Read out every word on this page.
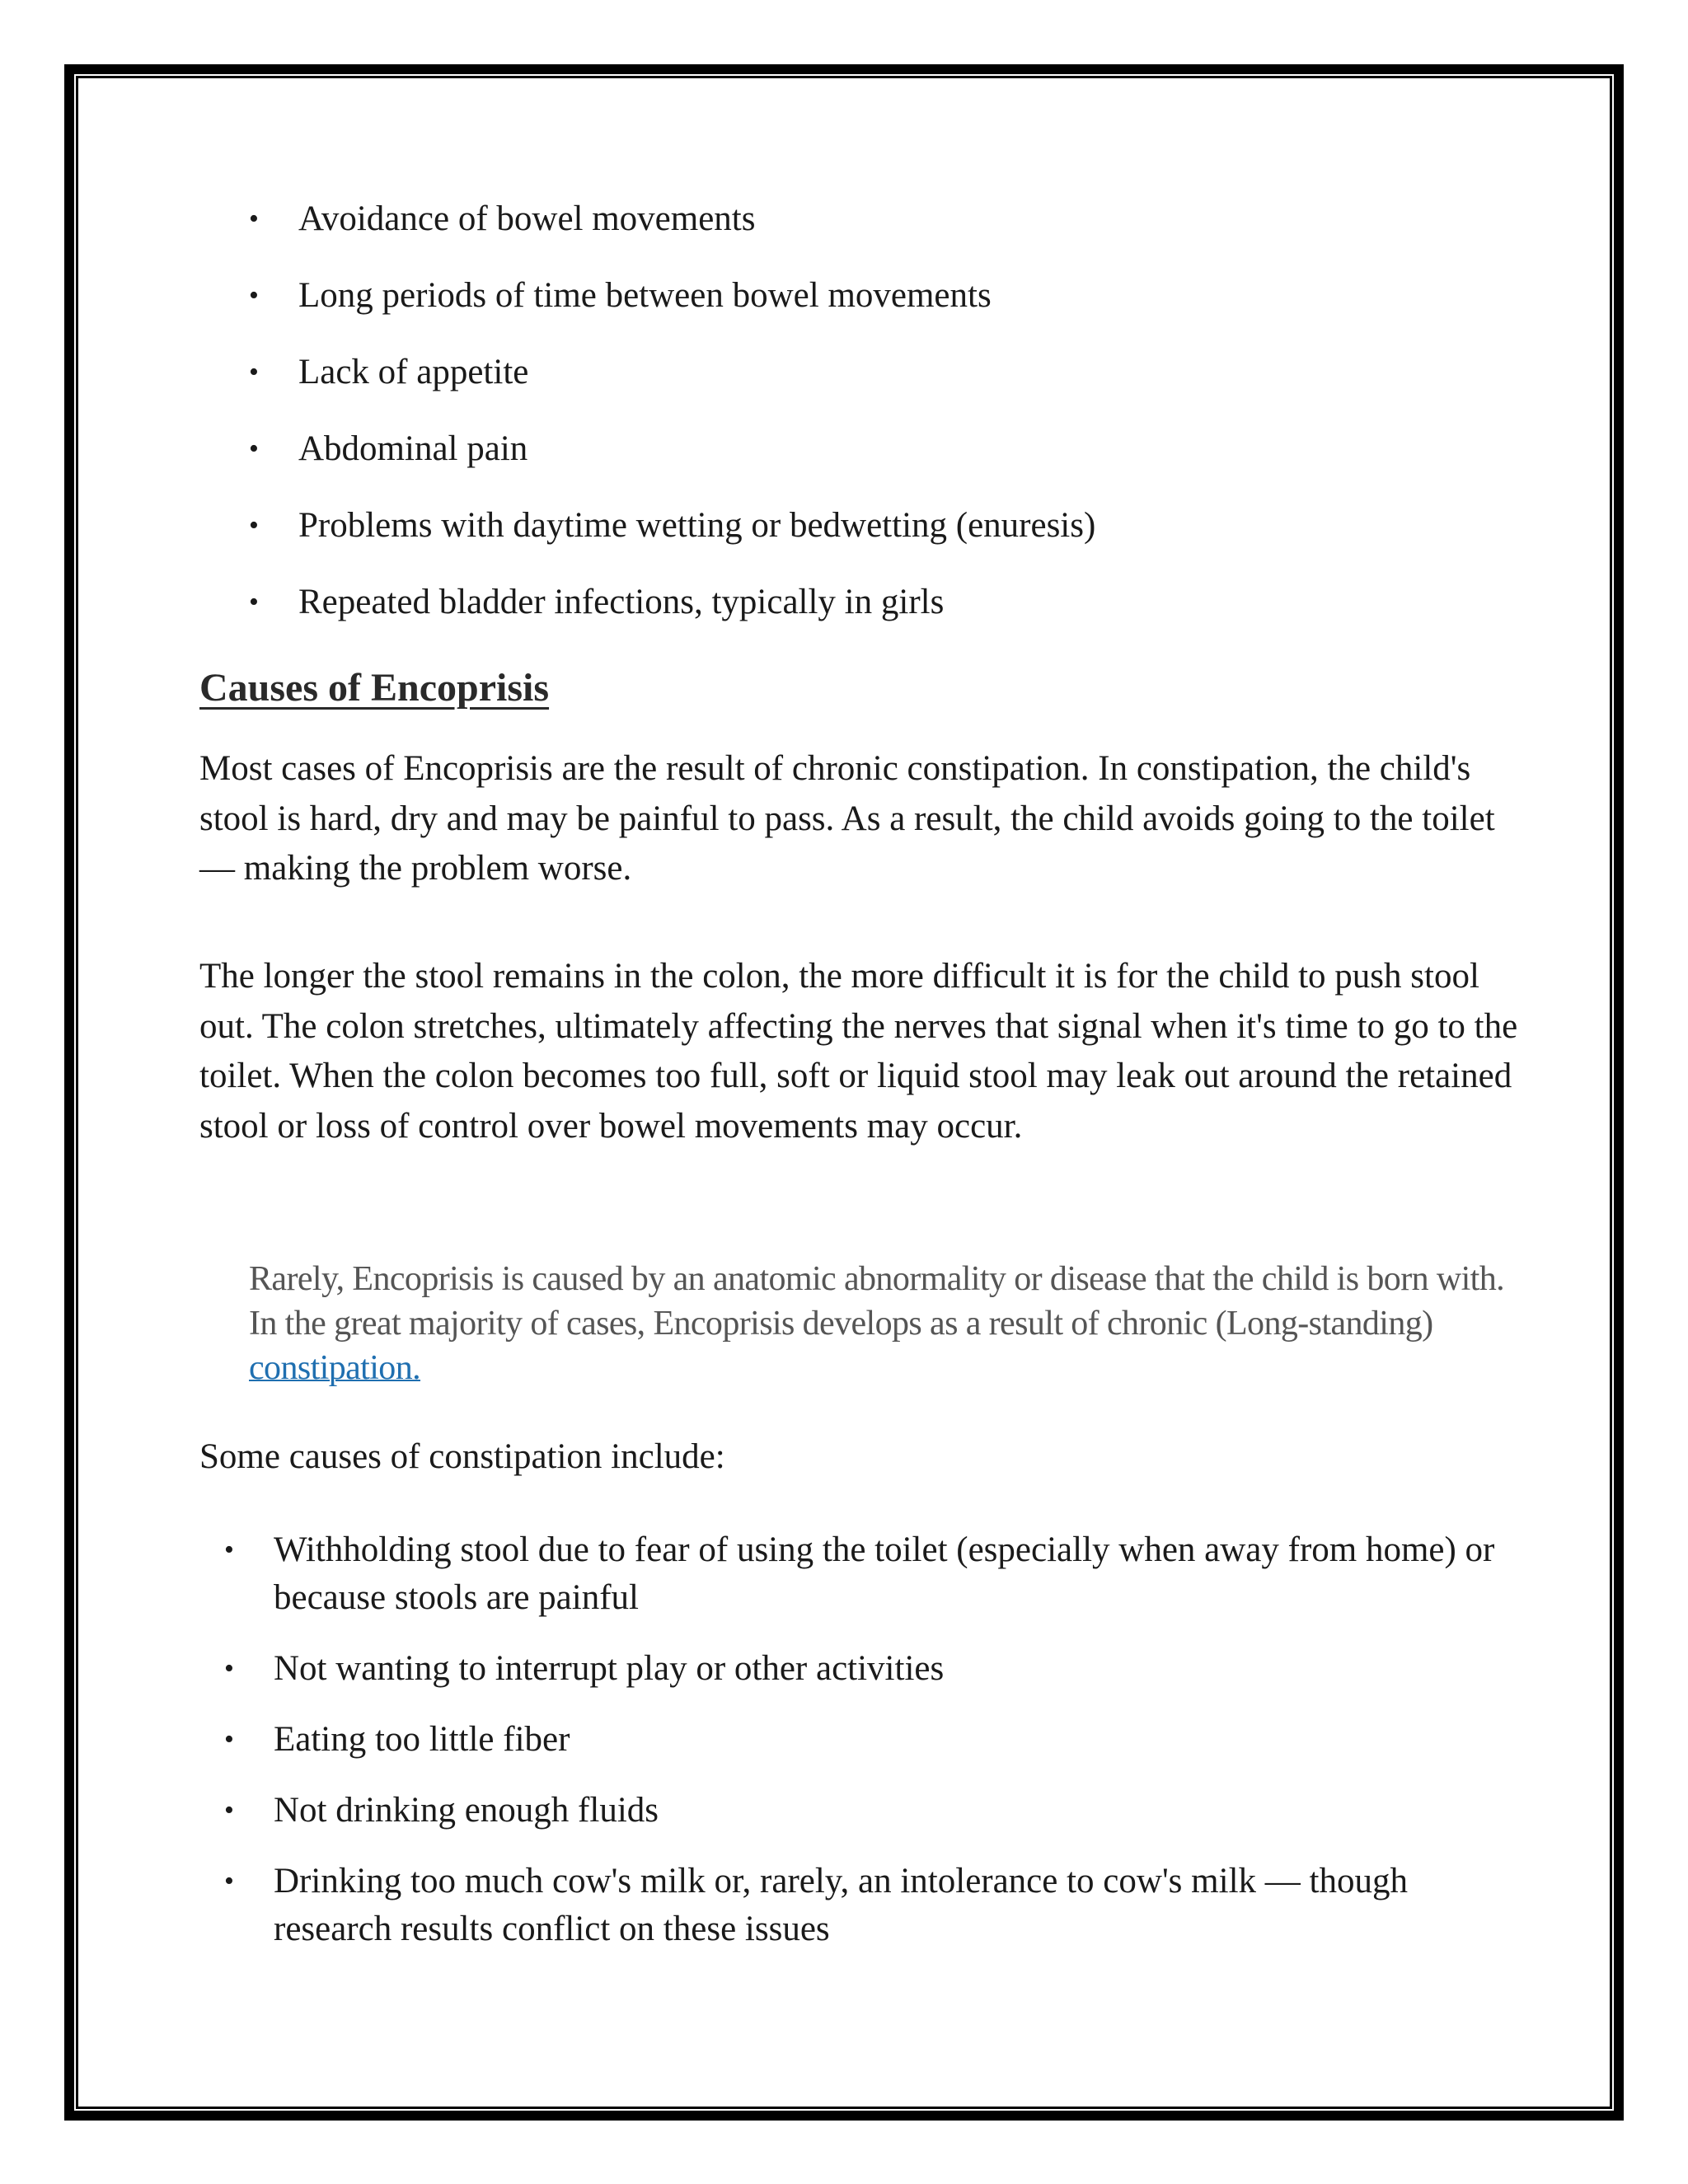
• Avoidance of bowel movements
• Long periods of time between bowel movements
• Lack of appetite
• Abdominal pain
• Problems with daytime wetting or bedwetting (enuresis)
• Repeated bladder infections, typically in girls
Causes of Encoprisis

Most cases of Encoprisis are the result of chronic constipation. In constipation, the child's stool is hard, dry and may be painful to pass. As a result, the child avoids going to the toilet — making the problem worse.

The longer the stool remains in the colon, the more difficult it is for the child to push stool out. The colon stretches, ultimately affecting the nerves that signal when it's time to go to the toilet. When the colon becomes too full, soft or liquid stool may leak out around the retained stool or loss of control over bowel movements may occur.

Rarely, Encoprisis is caused by an anatomic abnormality or disease that the child is born with. In the great majority of cases, Encoprisis develops as a result of chronic (Long-standing) constipation.

Some causes of constipation include:

• Withholding stool due to fear of using the toilet (especially when away from home) or because stools are painful
• Not wanting to interrupt play or other activities
• Eating too little fiber
• Not drinking enough fluids
• Drinking too much cow's milk or, rarely, an intolerance to cow's milk — though research results conflict on these issues
